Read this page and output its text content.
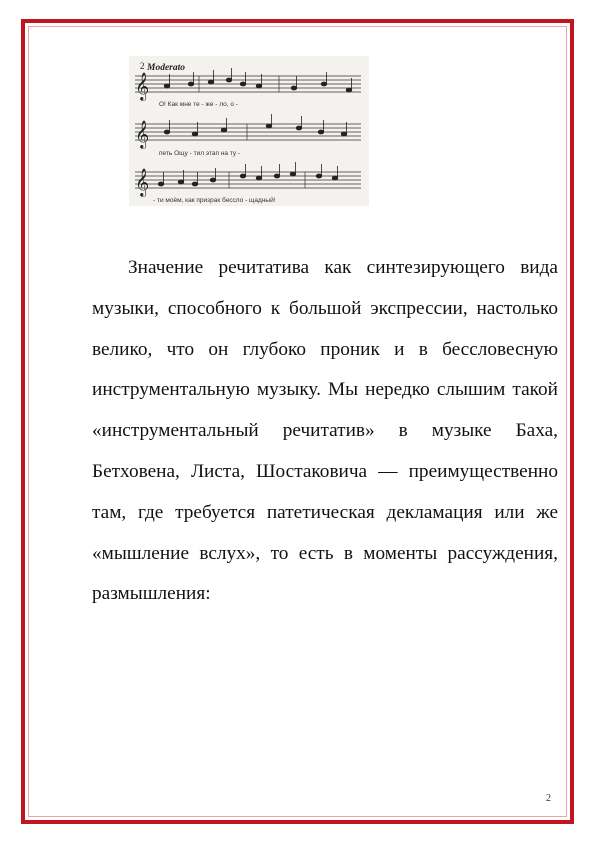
2 Moderato
𝄞
О! Как мне те - же - ло, о -
𝄞
петь Ощу - тил этап на ту -
𝄞
- ти моём, как призрак бессло - щадный!

Значение речитатива как синтезирующего вида музыки, способного к большой экспрессии, настолько велико, что он глубоко проник и в бессловесную инструментальную музыку. Мы нередко слышим такой «инструментальный речитатив» в музыке Баха, Бетховена, Листа, Шостаковича — преимущественно там, где требуется патетическая декламация или же «мышление вслух», то есть в моменты рассуждения, размышления:

2
